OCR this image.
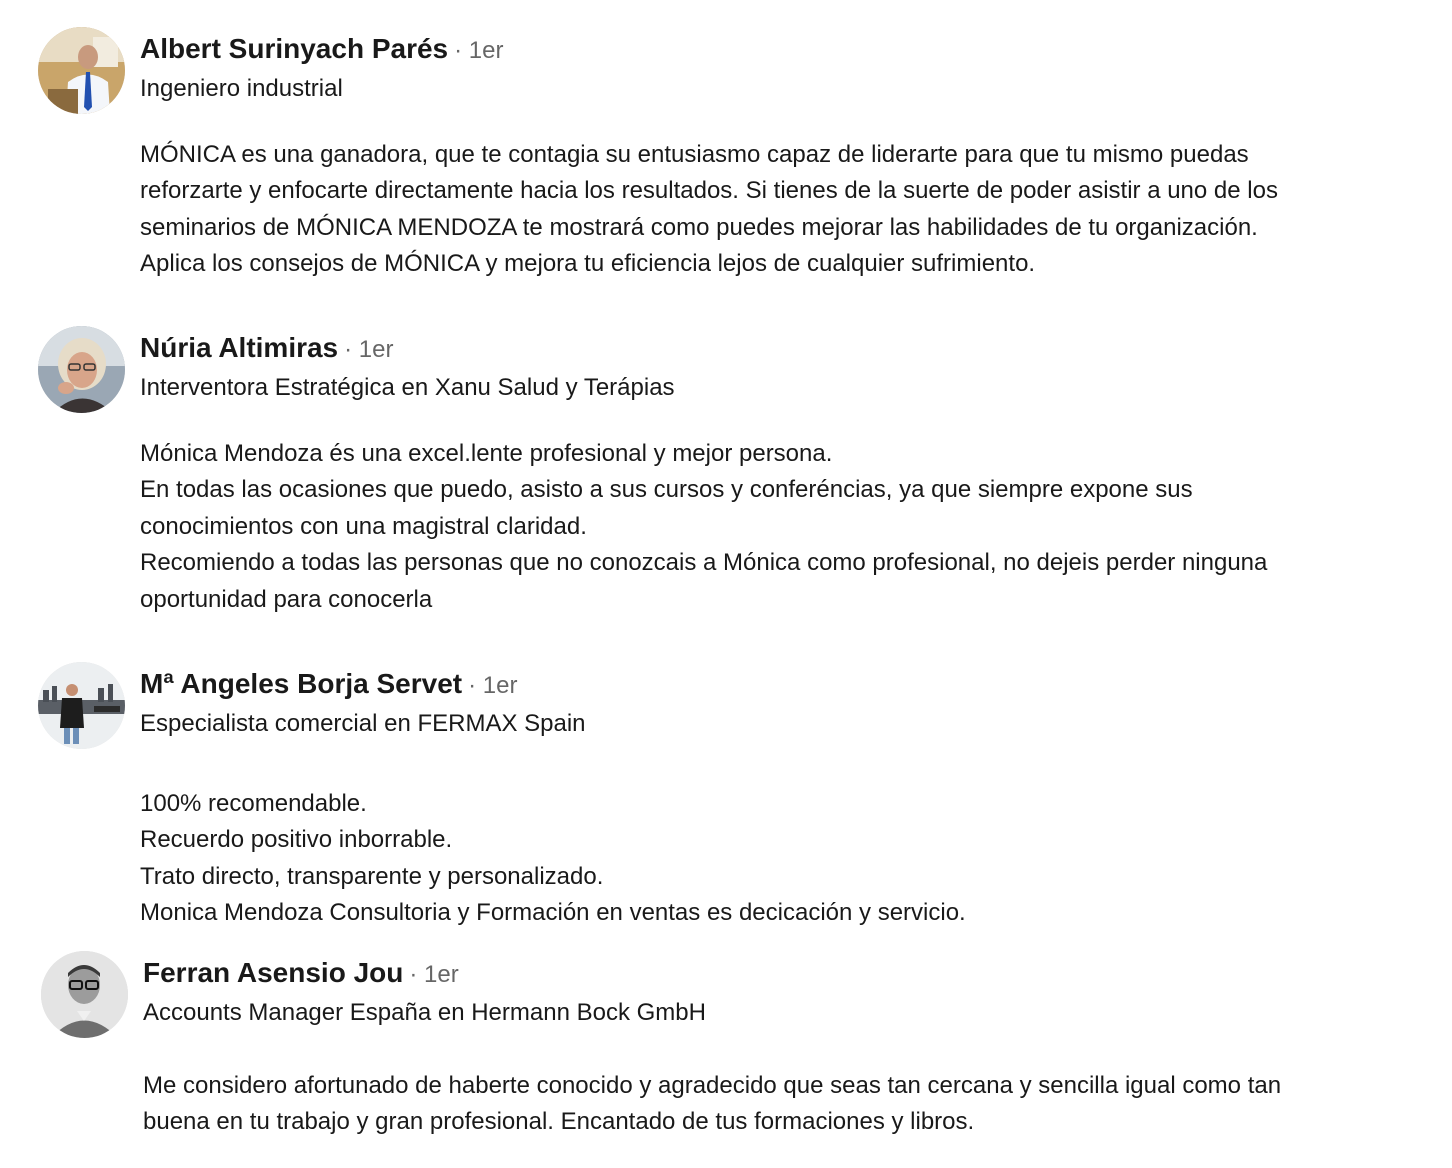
Albert Surinyach Parés · 1er
Ingeniero industrial

MÓNICA es una ganadora, que te contagia su entusiasmo capaz de liderarte para que tu mismo puedas

reforzarte y enfocarte directamente hacia los resultados. Si tienes de la suerte de poder asistir a uno de los

seminarios de MÓNICA MENDOZA te mostrará como puedes mejorar las habilidades de tu organización.

Aplica los consejos de MÓNICA y mejora tu eficiencia lejos de cualquier sufrimiento.

Núria Altimiras · 1er
Interventora Estratégica en Xanu Salud y Terápias

Mónica Mendoza és una excel.lente profesional y mejor persona.

En todas las ocasiones que puedo, asisto a sus cursos y conferéncias, ya que siempre expone sus

conocimientos con una magistral claridad.

Recomiendo a todas las personas que no conozcais a Mónica como profesional, no dejeis perder ninguna

oportunidad para conocerla

Mª Angeles Borja Servet · 1er
Especialista comercial en FERMAX Spain

100% recomendable.

Recuerdo positivo inborrable.

Trato directo, transparente y personalizado.

Monica Mendoza Consultoria y Formación en ventas es decicación y servicio.

Ferran Asensio Jou · 1er
Accounts Manager España en Hermann Bock GmbH

Me considero afortunado de haberte conocido y agradecido que seas tan cercana y sencilla igual como tan

buena en tu trabajo y gran profesional. Encantado de tus formaciones y libros.
